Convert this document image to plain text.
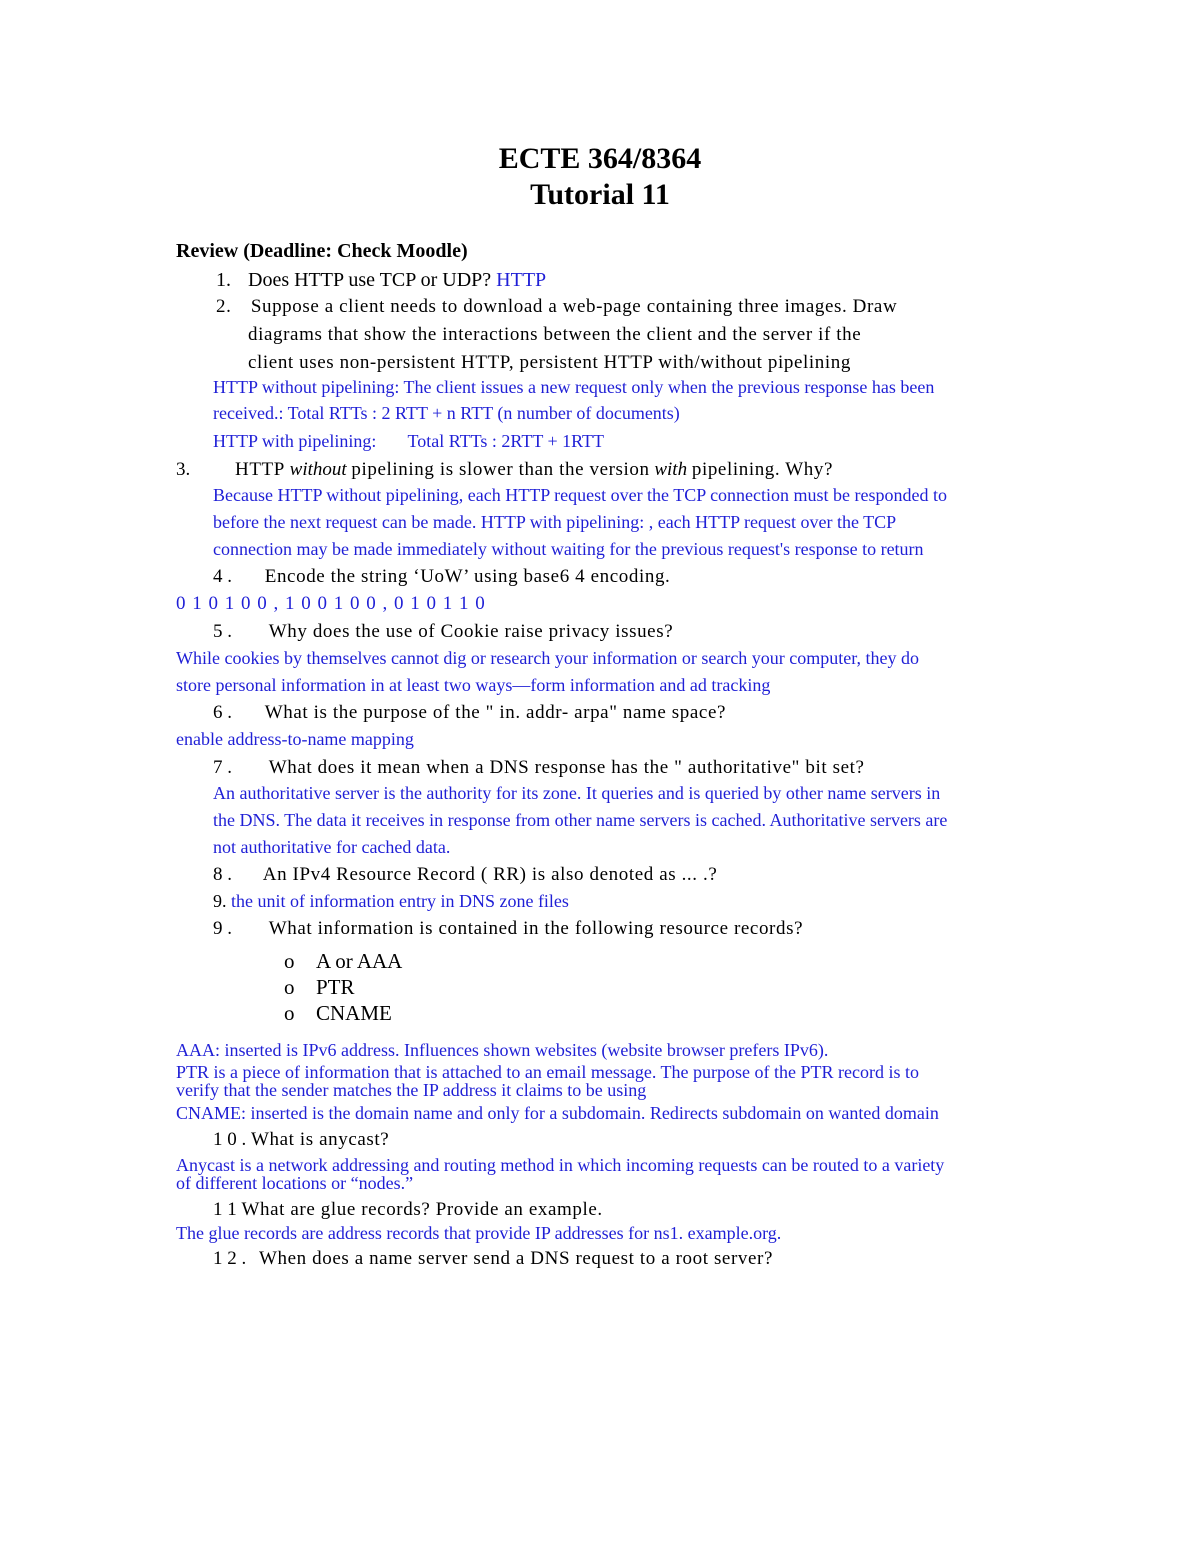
ECTE 364/8364
Tutorial 11
Review (Deadline: Check Moodle)
1. Does HTTP use TCP or UDP? HTTP
2. Suppose a client needs to download a web-page containing three images. Draw
diagrams that show the interactions between the client and the server if the
client uses non-persistent HTTP, persistent HTTP with/without pipelining
HTTP without pipelining: The client issues a new request only when the previous response has been
received.: Total RTTs : 2 RTT + n RTT (n number of documents)
HTTP with pipelining:       Total RTTs : 2RTT + 1RTT
3. HTTP without pipelining is slower than the version with pipelining. Why?
Because HTTP without pipelining, each HTTP request over the TCP connection must be responded to
before the next request can be made. HTTP with pipelining: , each HTTP request over the TCP
connection may be made immediately without waiting for the previous request's response to return
4 . Encode the string ‘UoW’ using base6 4 encoding.
0 1 0 1 0 0 , 1 0 0 1 0 0 , 0 1 0 1 1 0
5 . Why does the use of Cookie raise privacy issues?
While cookies by themselves cannot dig or research your information or search your computer, they do
store personal information in at least two ways—form information and ad tracking
6 . What is the purpose of the " in. addr- arpa" name space?
enable address-to-name mapping
7 . What does it mean when a DNS response has the " authoritative" bit set?
An authoritative server is the authority for its zone. It queries and is queried by other name servers in
the DNS. The data it receives in response from other name servers is cached. Authoritative servers are
not authoritative for cached data.
8 . An IPv4 Resource Record ( RR) is also denoted as ... .?
9. the unit of information entry in DNS zone files
9 . What information is contained in the following resource records?
o A or AAA
o PTR
o CNAME
AAA: inserted is IPv6 address. Influences shown websites (website browser prefers IPv6).
PTR is a piece of information that is attached to an email message. The purpose of the PTR record is to
verify that the sender matches the IP address it claims to be using
CNAME: inserted is the domain name and only for a subdomain. Redirects subdomain on wanted domain
1 0 . What is anycast?
Anycast is a network addressing and routing method in which incoming requests can be routed to a variety
of different locations or “nodes.”
1 1 What are glue records? Provide an example.
The glue records are address records that provide IP addresses for ns1. example.org.
1 2 . When does a name server send a DNS request to a root server?
